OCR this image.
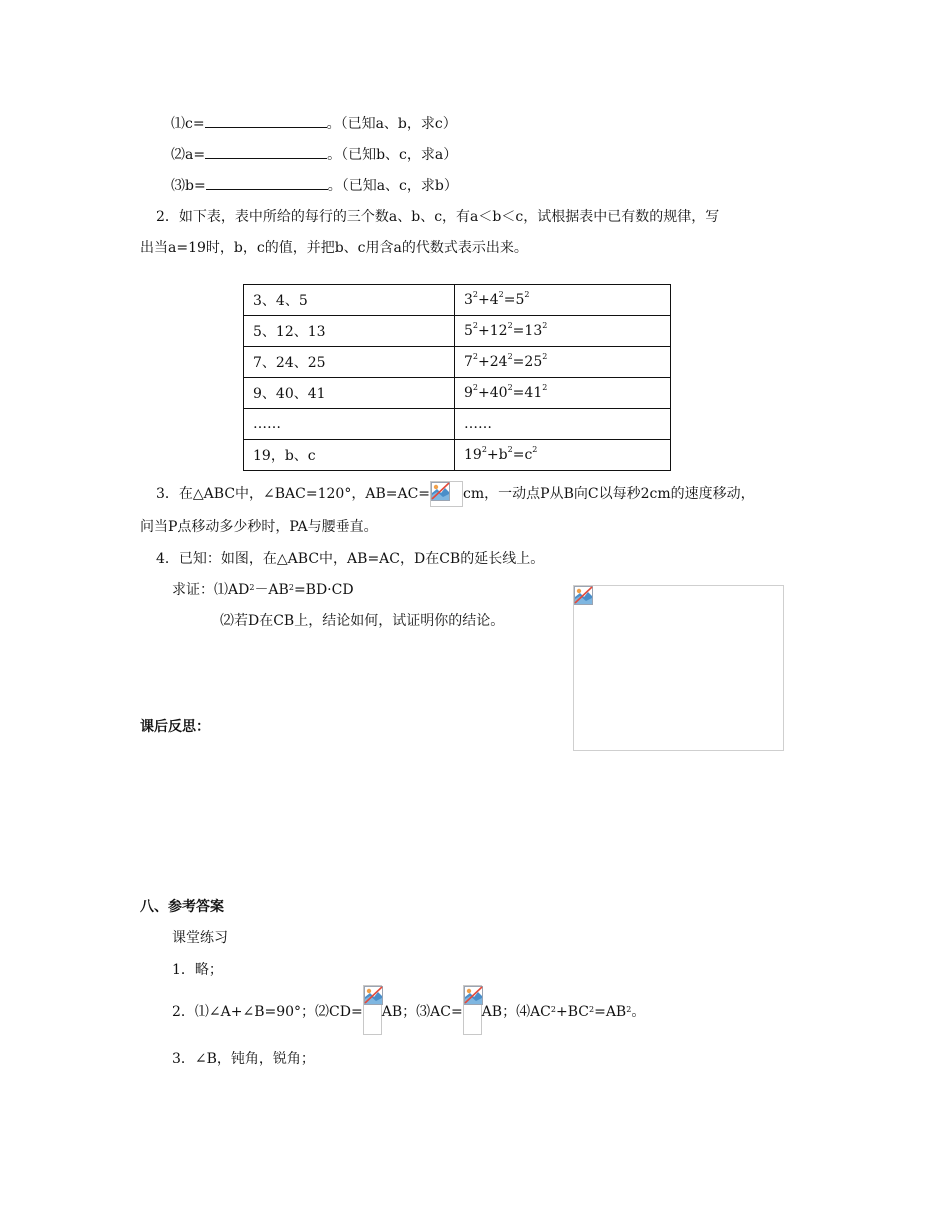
⑴c=	。（已知a、b，求c）
⑵a=	。（已知b、c，求a）
⑶b=	。（已知a、c，求b）
2．如下表，表中所给的每行的三个数a、b、c，有a＜b＜c，试根据表中已有数的规律，写
出当a=19时，b，c的值，并把b、c用含a的代数式表示出来。
3、4、5	$3^2+4^2=5^2$
5、12、13	$5^2+12^2=13^2$
7、24、25	$7^2+24^2=25^2$
9、40、41	$9^2+40^2=41^2$
……	……
19，b、c	$19^2+b^2=c^2$
3．在△ABC中，∠BAC=120°，AB=AC= cm，一动点P从B向C以每秒2cm的速度移动，
问当P点移动多少秒时，PA与腰垂直。
4．已知：如图，在△ABC中，AB=AC，D在CB的延长线上。
求证：$⑴AD^2-AB^2=BD\cdot CD$
⑵若D在CB上，结论如何，试证明你的结论。
课后反思：
八、参考答案
课堂练习
1．略；
2．⑴∠A+∠B=90°；⑵CD= AB；⑶AC= AB；$⑷AC^2+BC^2=AB^2$。
3．∠B，钝角，锐角；
